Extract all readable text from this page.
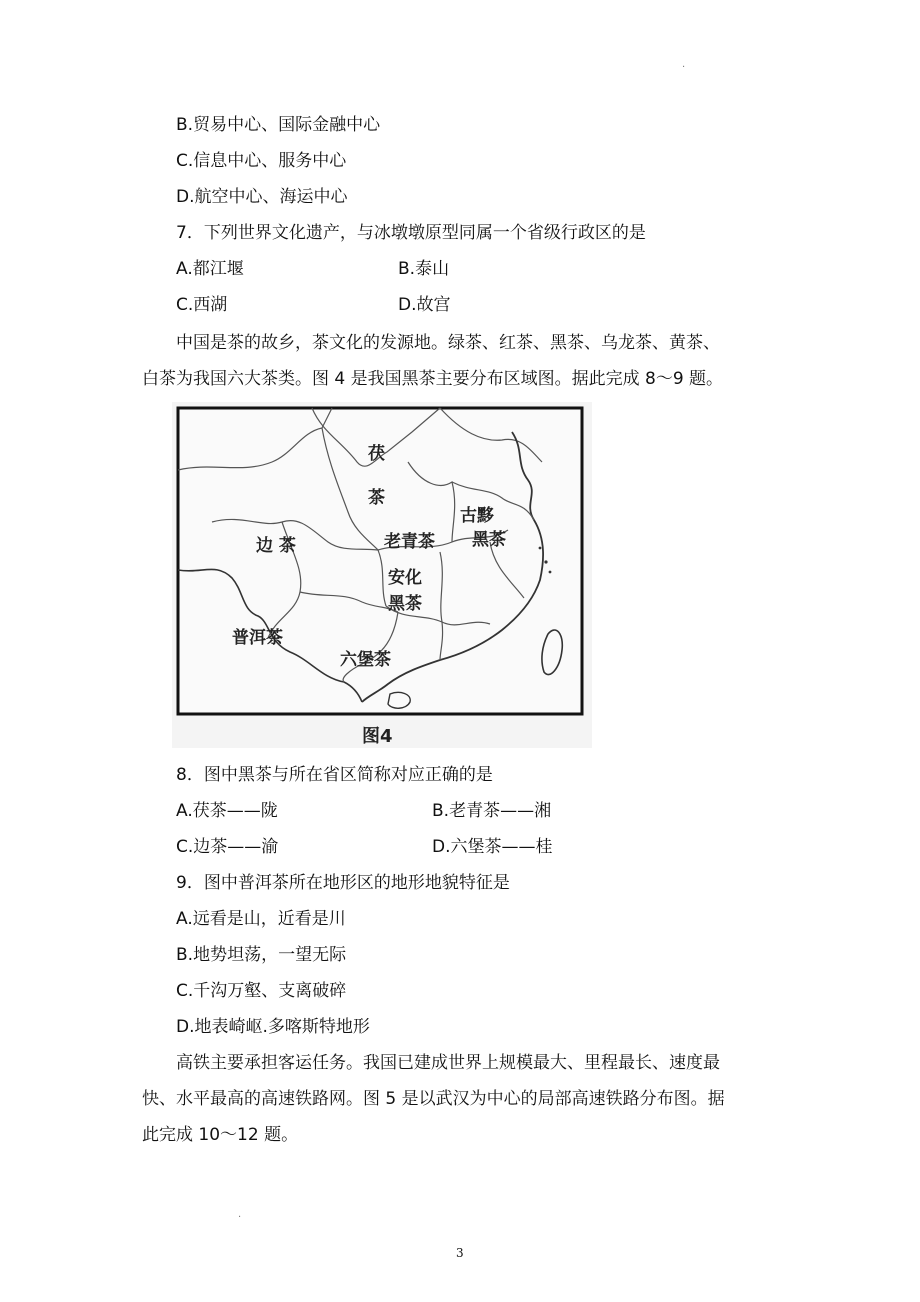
·
B.贸易中心、国际金融中心
C.信息中心、服务中心
D.航空中心、海运中心
7．下列世界文化遗产，与冰墩墩原型同属一个省级行政区的是
A.都江堰	B.泰山
C.西湖	D.故宫
中国是茶的故乡，茶文化的发源地。绿茶、红茶、黑茶、乌龙茶、黄茶、
白茶为我国六大茶类。图 4 是我国黑茶主要分布区域图。据此完成 8～9 题。
茯
茶
边 茶	老青茶
古黟
黑茶
安化
黑茶
普洱茶
六堡茶
图4
8．图中黑茶与所在省区简称对应正确的是
A.茯茶——陇	B.老青茶——湘
C.边茶——渝	D.六堡茶——桂
9．图中普洱茶所在地形区的地形地貌特征是
A.远看是山，近看是川
B.地势坦荡，一望无际
C.千沟万壑、支离破碎
D.地表崎岖.多喀斯特地形
高铁主要承担客运任务。我国已建成世界上规模最大、里程最长、速度最
快、水平最高的高速铁路网。图 5 是以武汉为中心的局部高速铁路分布图。据
此完成 10～12 题。
·
3
